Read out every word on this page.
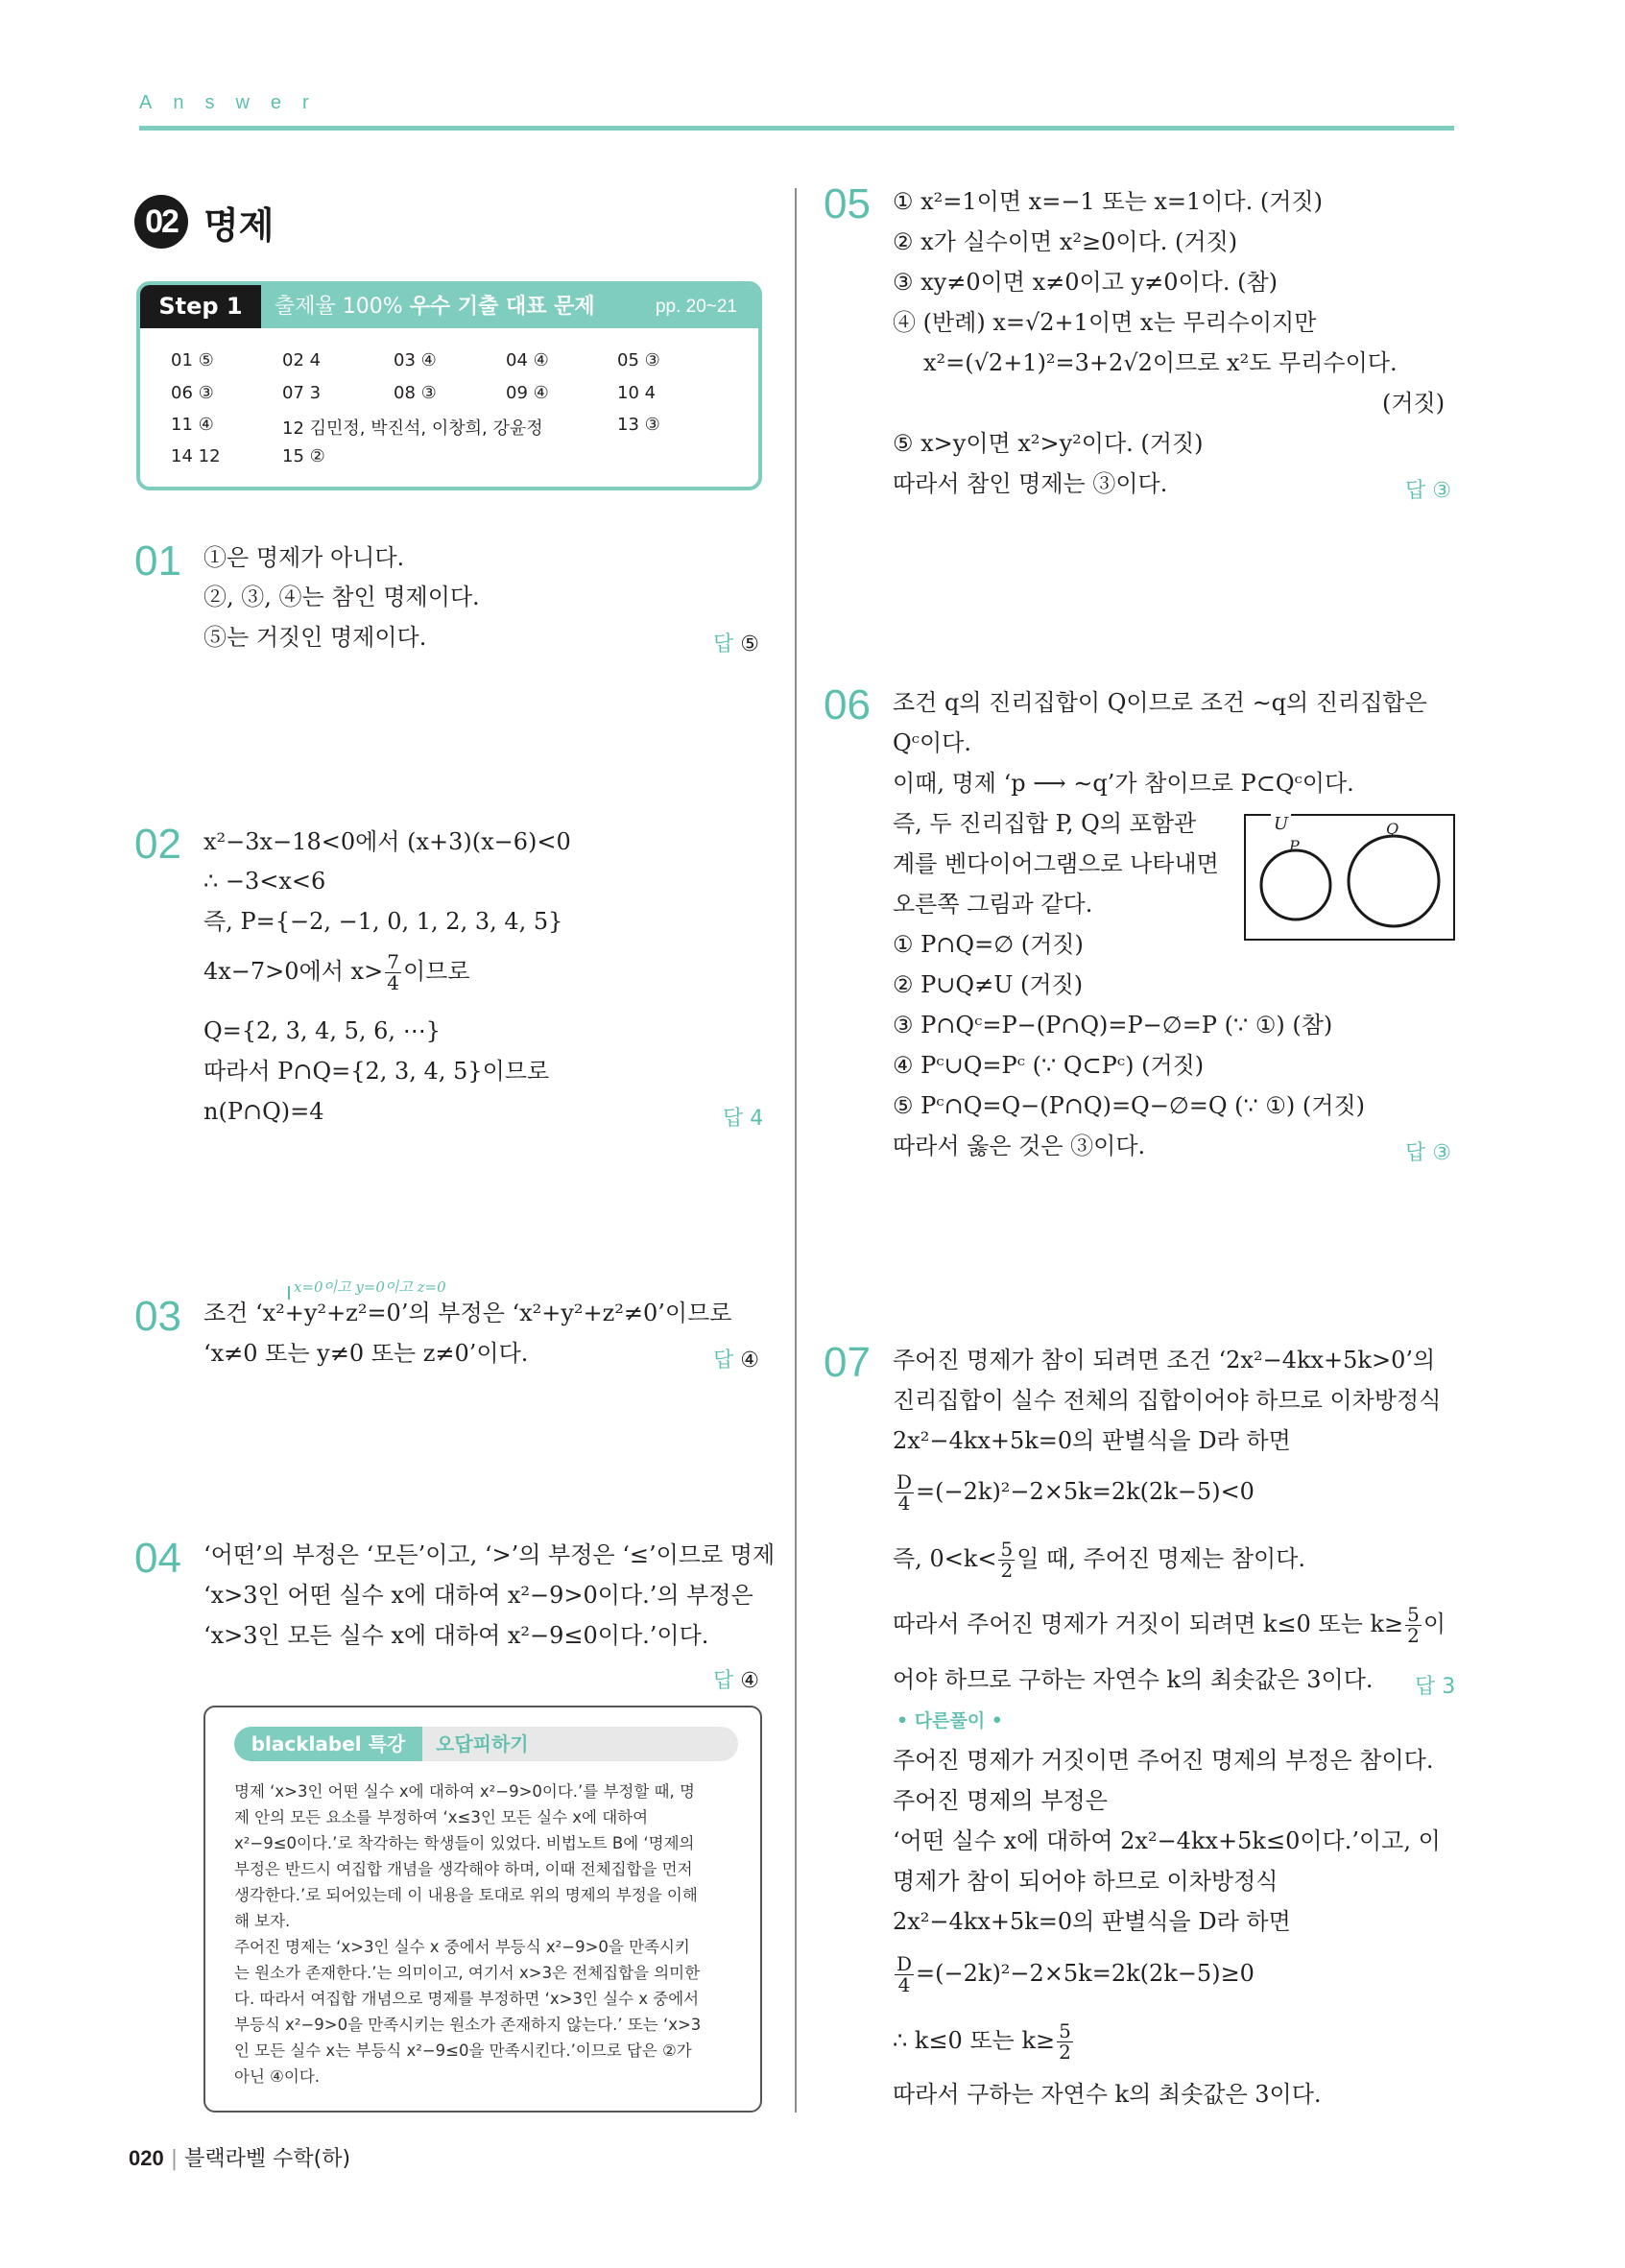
Answer
02 명제
Step 1	출제율 100% 우수 기출 대표 문제	pp. 20~21
01 ⑤	02 4	03 ④	04 ④	05 ③
06 ③	07 3	08 ③	09 ④	10 4
11 ④	12 김민정, 박진석, 이창희, 강윤정	13 ③
14 12	15 ②
01 ①은 명제가 아니다.
②, ③, ④는 참인 명제이다.
⑤는 거짓인 명제이다.	답 ⑤
02 x²−3x−18<0에서 (x+3)(x−6)<0
∴ −3<x<6
즉, P={−2, −1, 0, 1, 2, 3, 4, 5}
4x−7>0에서 $x> \frac{7}{4}$ 이므로
Q={2, 3, 4, 5, 6, ⋯}
따라서 P∩Q={2, 3, 4, 5}이므로
n(P∩Q)=4	답 4
x=0이고 y=0이고 z=0
03 조건 ‘x²+y²+z²=0’의 부정은 ‘x²+y²+z²≠0’이므로
‘x≠0 또는 y≠0 또는 z≠0’이다.	답 ④
04 ‘어떤’의 부정은 ‘모든’이고, ‘>’의 부정은 ‘≤’이므로 명제
‘x>3인 어떤 실수 x에 대하여 x²−9>0이다.’의 부정은
‘x>3인 모든 실수 x에 대하여 x²−9≤0이다.’이다.
답 ④
blacklabel 특강	오답피하기
명제 ‘x>3인 어떤 실수 x에 대하여 x²−9>0이다.’를 부정할 때, 명
제 안의 모든 요소를 부정하여 ‘x≤3인 모든 실수 x에 대하여
x²−9≤0이다.’로 착각하는 학생들이 있었다. 비법노트 B에 ‘명제의
부정은 반드시 여집합 개념을 생각해야 하며, 이때 전체집합을 먼저
생각한다.’로 되어있는데 이 내용을 토대로 위의 명제의 부정을 이해
해 보자.
주어진 명제는 ‘x>3인 실수 x 중에서 부등식 x²−9>0을 만족시키
는 원소가 존재한다.’는 의미이고, 여기서 x>3은 전체집합을 의미한
다. 따라서 여집합 개념으로 명제를 부정하면 ‘x>3인 실수 x 중에서
부등식 x²−9>0을 만족시키는 원소가 존재하지 않는다.’ 또는 ‘x>3
인 모든 실수 x는 부등식 x²−9≤0을 만족시킨다.’이므로 답은 ②가
아닌 ④이다.
05 ① x²=1이면 x=−1 또는 x=1이다. (거짓)
② x가 실수이면 x²≥0이다. (거짓)
③ xy≠0이면 x≠0이고 y≠0이다. (참)
④ (반례) x=√2+1이면 x는 무리수이지만
x²=(√2+1)²=3+2√2이므로 x²도 무리수이다.
(거짓)
⑤ x>y이면 x²>y²이다. (거짓)
따라서 참인 명제는 ③이다.	답 ③
06 조건 q의 진리집합이 Q이므로 조건 ∼q의 진리집합은
Qᶜ이다.
이때, 명제 ‘p ⟶ ∼q’가 참이므로 P⊂Qᶜ이다.
즉, 두 진리집합 P, Q의 포함관
계를 벤다이어그램으로 나타내면
오른쪽 그림과 같다.
① P∩Q=∅ (거짓)
② P∪Q≠U (거짓)
③ P∩Qᶜ=P−(P∩Q)=P−∅=P (∵ ①) (참)
④ Pᶜ∪Q=Pᶜ (∵ Q⊂Pᶜ) (거짓)
⑤ Pᶜ∩Q=Q−(P∩Q)=Q−∅=Q (∵ ①) (거짓)
따라서 옳은 것은 ③이다.	답 ③
U
P
Q
07 주어진 명제가 참이 되려면 조건 ‘2x²−4kx+5k>0’의
진리집합이 실수 전체의 집합이어야 하므로 이차방정식
2x²−4kx+5k=0의 판별식을 D라 하면
$\frac{D}{4} =(-2k)^2-2\times 5k=2k(2k-5)<0$
즉, $0<k< \frac{5}{2}$ 일 때, 주어진 명제는 참이다.
따라서 주어진 명제가 거짓이 되려면 k≤0 또는 $k\ge \frac{5}{2}$ 이
어야 하므로 구하는 자연수 k의 최솟값은 3이다. 답 3
• 다른풀이 •
주어진 명제가 거짓이면 주어진 명제의 부정은 참이다.
주어진 명제의 부정은
‘어떤 실수 x에 대하여 2x²−4kx+5k≤0이다.’이고, 이
명제가 참이 되어야 하므로 이차방정식
2x²−4kx+5k=0의 판별식을 D라 하면
$\frac{D}{4} =(-2k)^2-2\times 5k=2k(2k-5)\ge 0$
∴ k≤0 또는 $k\ge \frac{5}{2}$
따라서 구하는 자연수 k의 최솟값은 3이다.
020 | 블랙라벨 수학(하)
